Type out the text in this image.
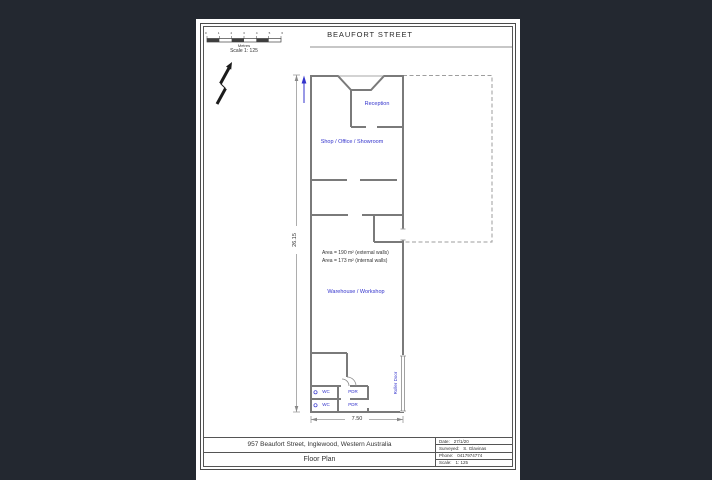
BEAUFORT STREET
0 1 2 3 4 5 6
Metres
Scale 1: 125
Reception
Shop / Office / Showroom
Area = 190 m² (external walls)
Area = 173 m² (internal walls)
Warehouse / Workshop
WC
WC
PDR
PDR
Roller Door
7.50
26.15
957 Beaufort Street, Inglewood, Western Australia
Floor Plan
Date: 27/1/20
Surveyed: S. Glavinas
Phone: 0417974774
Scale: 1: 125
